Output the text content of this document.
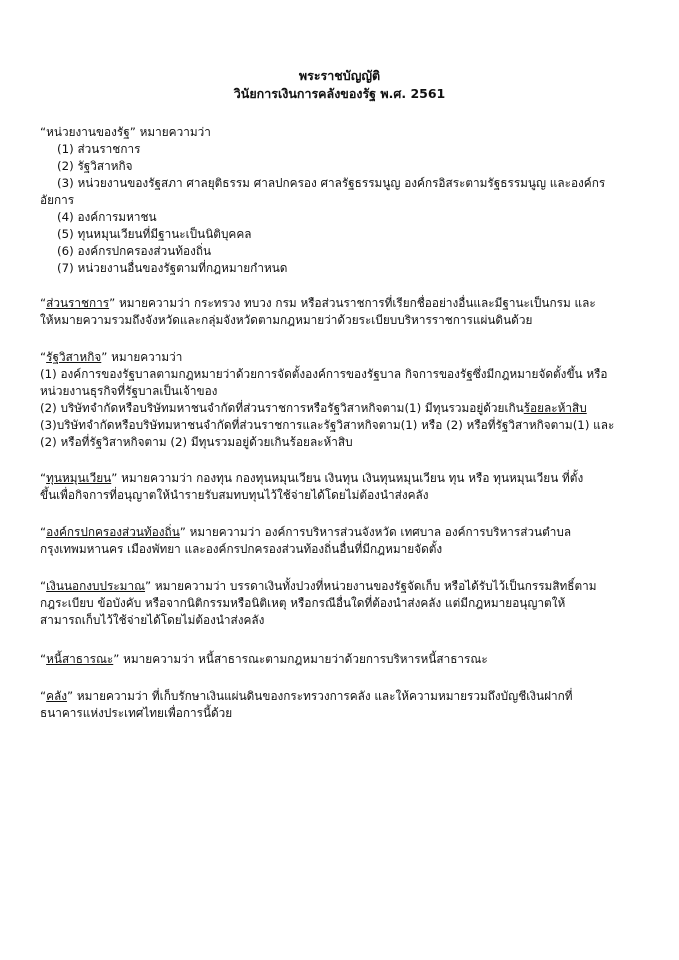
พระราชบัญญัติ
วินัยการเงินการคลังของรัฐ พ.ศ. 2561
“หน่วยงานของรัฐ” หมายความว่า
(1) ส่วนราชการ
(2) รัฐวิสาหกิจ
(3) หน่วยงานของรัฐสภา ศาลยุติธรรม ศาลปกครอง ศาลรัฐธรรมนูญ องค์กรอิสระตามรัฐธรรมนูญ และองค์กร
อัยการ
(4) องค์การมหาชน
(5) ทุนหมุนเวียนที่มีฐานะเป็นนิติบุคคล
(6) องค์กรปกครองส่วนท้องถิ่น
(7) หน่วยงานอื่นของรัฐตามที่กฎหมายกำหนด
“ส่วนราชการ” หมายความว่า กระทรวง ทบวง กรม หรือส่วนราชการที่เรียกชื่ออย่างอื่นและมีฐานะเป็นกรม และ
ให้หมายความรวมถึงจังหวัดและกลุ่มจังหวัดตามกฎหมายว่าด้วยระเบียบบริหารราชการแผ่นดินด้วย
“รัฐวิสาหกิจ” หมายความว่า
(1) องค์การของรัฐบาลตามกฎหมายว่าด้วยการจัดตั้งองค์การของรัฐบาล กิจการของรัฐซึ่งมีกฎหมายจัดตั้งขึ้น หรือ
หน่วยงานธุรกิจที่รัฐบาลเป็นเจ้าของ
(2) บริษัทจำกัดหรือบริษัทมหาชนจำกัดที่ส่วนราชการหรือรัฐวิสาหกิจตาม(1) มีทุนรวมอยู่ด้วยเกินร้อยละห้าสิบ
(3)บริษัทจำกัดหรือบริษัทมหาชนจำกัดที่ส่วนราชการและรัฐวิสาหกิจตาม(1) หรือ (2) หรือที่รัฐวิสาหกิจตาม(1) และ
(2) หรือที่รัฐวิสาหกิจตาม (2) มีทุนรวมอยู่ด้วยเกินร้อยละห้าสิบ
“ทุนหมุนเวียน” หมายความว่า กองทุน กองทุนหมุนเวียน เงินทุน เงินทุนหมุนเวียน ทุน หรือ ทุนหมุนเวียน ที่ตั้ง
ขึ้นเพื่อกิจการที่อนุญาตให้นำรายรับสมทบทุนไว้ใช้จ่ายได้โดยไม่ต้องนำส่งคลัง
“องค์กรปกครองส่วนท้องถิ่น” หมายความว่า องค์การบริหารส่วนจังหวัด เทศบาล องค์การบริหารส่วนตำบล
กรุงเทพมหานคร เมืองพัทยา และองค์กรปกครองส่วนท้องถิ่นอื่นที่มีกฎหมายจัดตั้ง
“เงินนอกงบประมาณ” หมายความว่า บรรดาเงินทั้งปวงที่หน่วยงานของรัฐจัดเก็บ หรือได้รับไว้เป็นกรรมสิทธิ์ตาม
กฎระเบียบ ข้อบังคับ หรือจากนิติกรรมหรือนิติเหตุ หรือกรณีอื่นใดที่ต้องนำส่งคลัง แต่มีกฎหมายอนุญาตให้
สามารถเก็บไว้ใช้จ่ายได้โดยไม่ต้องนำส่งคลัง
“หนี้สาธารณะ” หมายความว่า หนี้สาธารณะตามกฎหมายว่าด้วยการบริหารหนี้สาธารณะ
“คลัง” หมายความว่า ที่เก็บรักษาเงินแผ่นดินของกระทรวงการคลัง และให้ความหมายรวมถึงบัญชีเงินฝากที่
ธนาคารแห่งประเทศไทยเพื่อการนี้ด้วย
